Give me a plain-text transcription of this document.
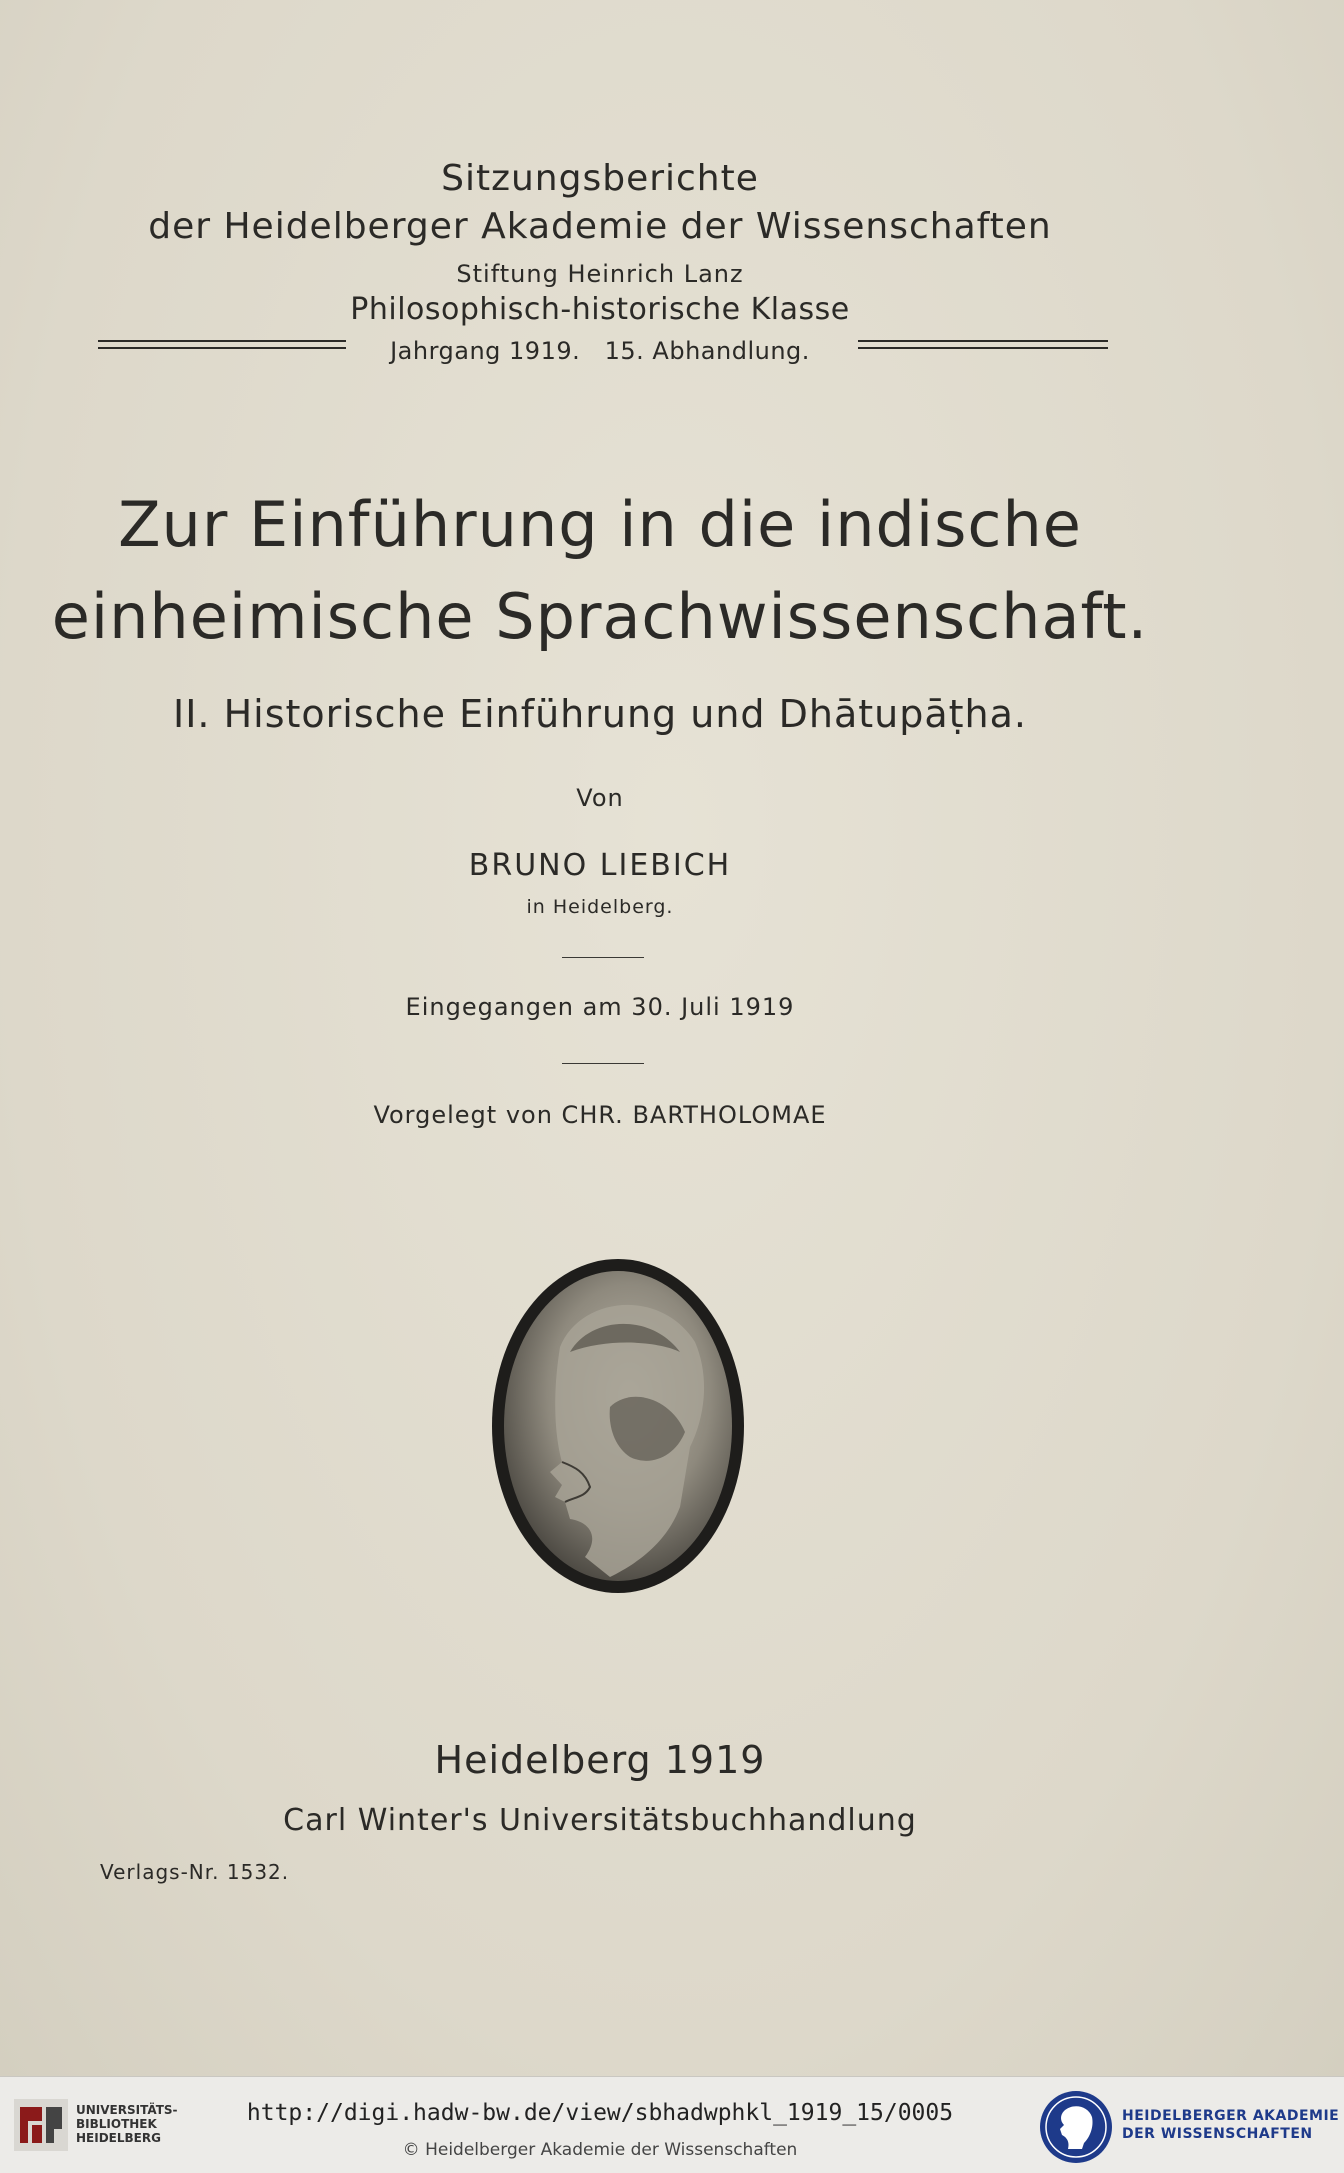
Sitzungsberichte
der Heidelberger Akademie der Wissenschaften
Stiftung Heinrich Lanz
Philosophisch-historische Klasse
Jahrgang 1919.   15. Abhandlung.
Zur Einführung in die indische
einheimische Sprachwissenschaft.
II. Historische Einführung und Dhātupāṭha.
Von
BRUNO LIEBICH
in Heidelberg.
Eingegangen am 30. Juli 1919
Vorgelegt von CHR. BARTHOLOMAE
Heidelberg 1919
Carl Winter's Universitätsbuchhandlung
Verlags-Nr. 1532.
UNIVERSITÄTS-
BIBLIOTHEK
HEIDELBERG
http://digi.hadw-bw.de/view/sbhadwphkl_1919_15/0005
© Heidelberger Akademie der Wissenschaften
HEIDELBERGER AKADEMIE
DER WISSENSCHAFTEN
